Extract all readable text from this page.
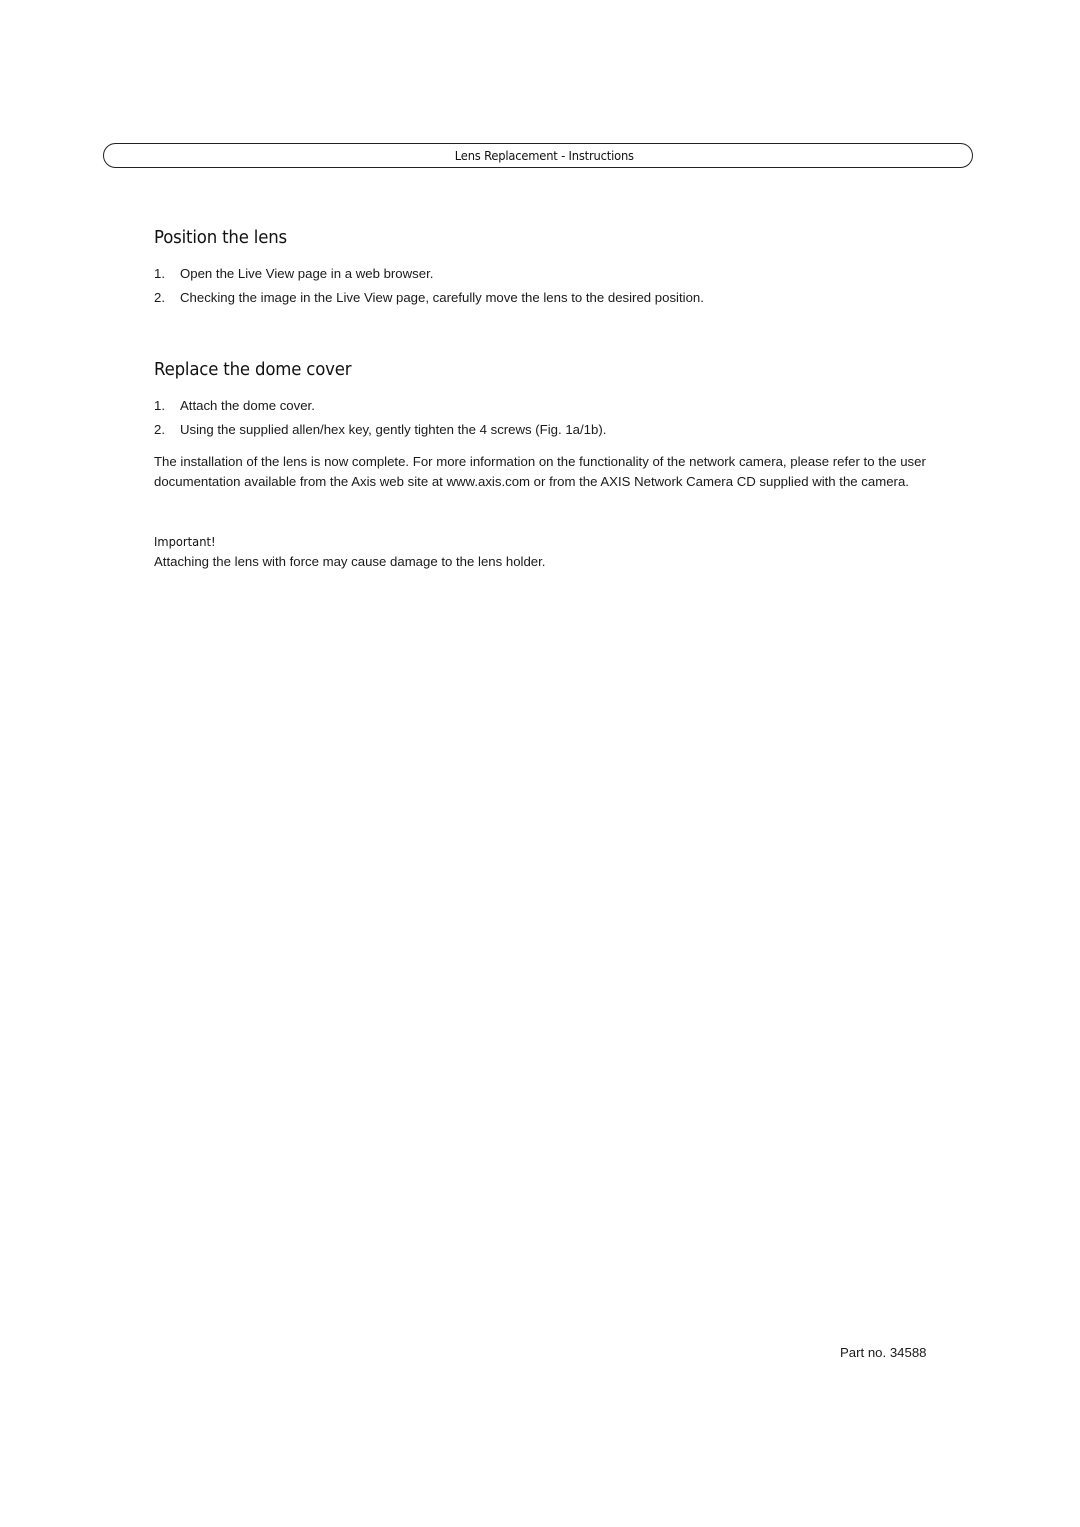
Lens Replacement - Instructions
Position the lens
1. Open the Live View page in a web browser.
2. Checking the image in the Live View page, carefully move the lens to the desired position.
Replace the dome cover
1. Attach the dome cover.
2. Using the supplied allen/hex key, gently tighten the 4 screws (Fig. 1a/1b).
The installation of the lens is now complete. For more information on the functionality of the network camera, please refer to the user documentation available from the Axis web site at www.axis.com or from the AXIS Network Camera CD supplied with the camera.
Important!
Attaching the lens with force may cause damage to the lens holder.
Part no. 34588
